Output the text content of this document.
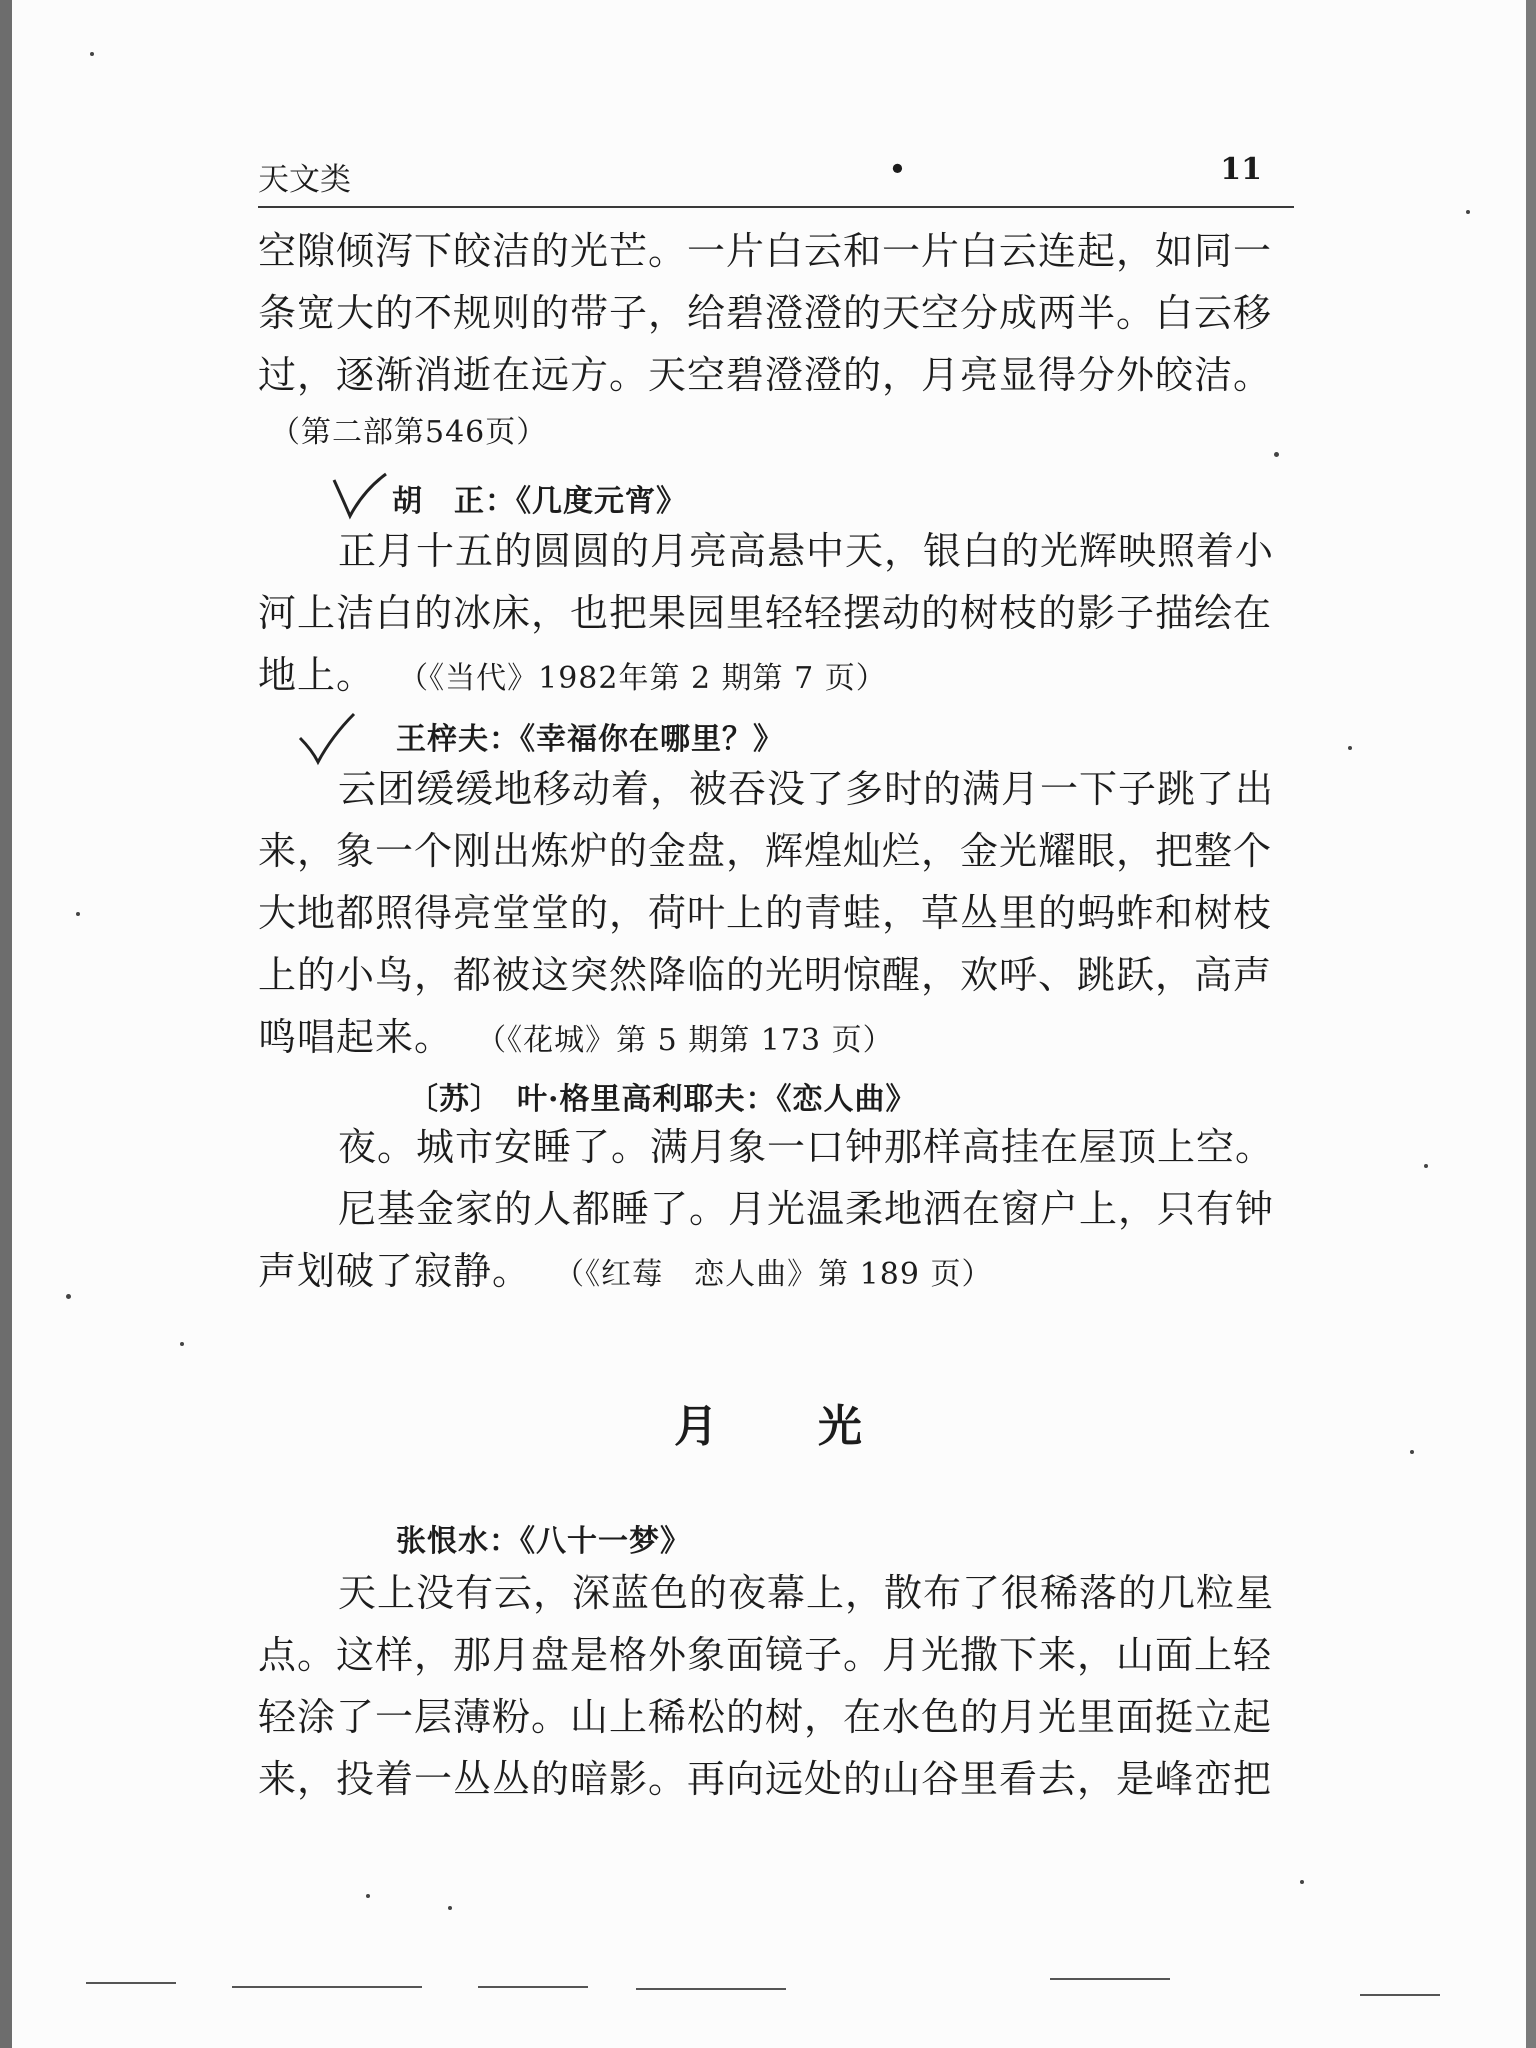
天文类	•	11
空隙倾泻下皎洁的光芒。一片白云和一片白云连起，如同一
条宽大的不规则的带子，给碧澄澄的天空分成两半。白云移
过，逐渐消逝在远方。天空碧澄澄的，月亮显得分外皎洁。
（第二部第546页）
胡　正：《几度元宵》
正月十五的圆圆的月亮高悬中天，银白的光辉映照着小
河上洁白的冰床，也把果园里轻轻摆动的树枝的影子描绘在
地上。 （《当代》1982年第 2 期第 7 页）
王梓夫：《幸福你在哪里？》
云团缓缓地移动着，被吞没了多时的满月一下子跳了出
来，象一个刚出炼炉的金盘，辉煌灿烂，金光耀眼，把整个
大地都照得亮堂堂的，荷叶上的青蛙，草丛里的蚂蚱和树枝
上的小鸟，都被这突然降临的光明惊醒，欢呼、跳跃，高声
鸣唱起来。 （《花城》第 5 期第 173 页）
〔苏〕　叶·格里高利耶夫：《恋人曲》
夜。城市安睡了。满月象一口钟那样高挂在屋顶上空。
尼基金家的人都睡了。月光温柔地洒在窗户上，只有钟
声划破了寂静。 （《红莓　恋人曲》第 189 页）
月光
张恨水：《八十一梦》
天上没有云，深蓝色的夜幕上，散布了很稀落的几粒星
点。这样，那月盘是格外象面镜子。月光撒下来，山面上轻
轻涂了一层薄粉。山上稀松的树，在水色的月光里面挺立起
来，投着一丛丛的暗影。再向远处的山谷里看去，是峰峦把
